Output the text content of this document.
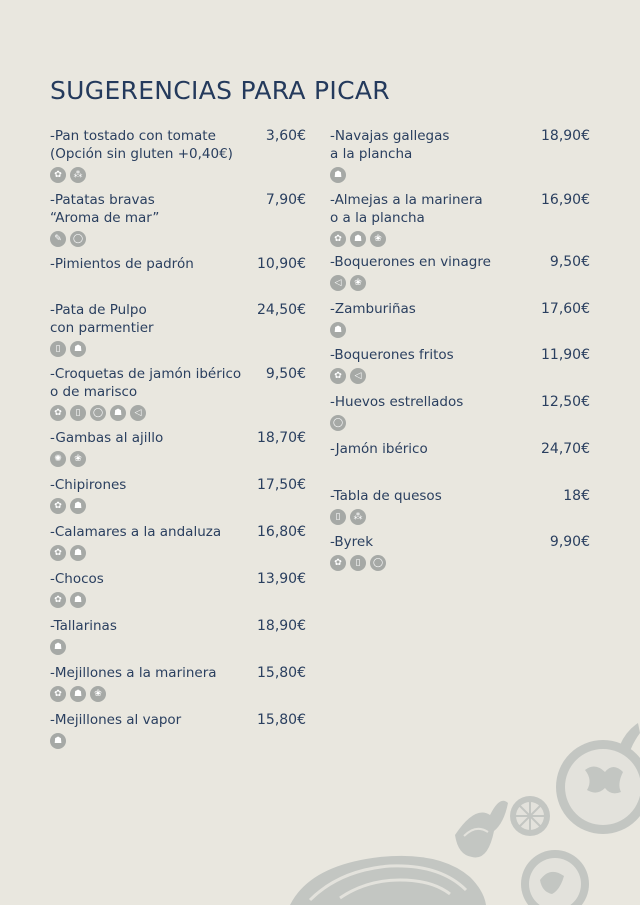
SUGERENCIAS PARA PICAR
-Pan tostado con tomate
(Opción sin gluten +0,40€)
3,60€
✿	⁂
-Patatas bravas
“Aroma de mar”
7,90€
✎	◯
-Pimientos de padrón	10,90€
-Pata de Pulpo
con parmentier
24,50€
▯	☗
-Croquetas de jamón ibérico
o de marisco
9,50€
✿	▯	◯	☗	◁
-Gambas al ajillo	18,70€
✺	❀
-Chipirones	17,50€
✿	☗
-Calamares a la andaluza	16,80€
✿	☗
-Chocos	13,90€
✿	☗
-Tallarinas	18,90€
☗
-Mejillones a la marinera	15,80€
✿	☗	❀
-Mejillones al vapor	15,80€
☗
-Navajas gallegas
a la plancha
18,90€
☗
-Almejas a la marinera
o a la plancha
16,90€
✿	☗	❀
-Boquerones en vinagre	9,50€
◁	❀
-Zamburiñas	17,60€
☗
-Boquerones fritos	11,90€
✿	◁
-Huevos estrellados	12,50€
◯
-Jamón ibérico	24,70€
-Tabla de quesos	18€
▯	⁂
-Byrek	9,90€
✿	▯	◯
